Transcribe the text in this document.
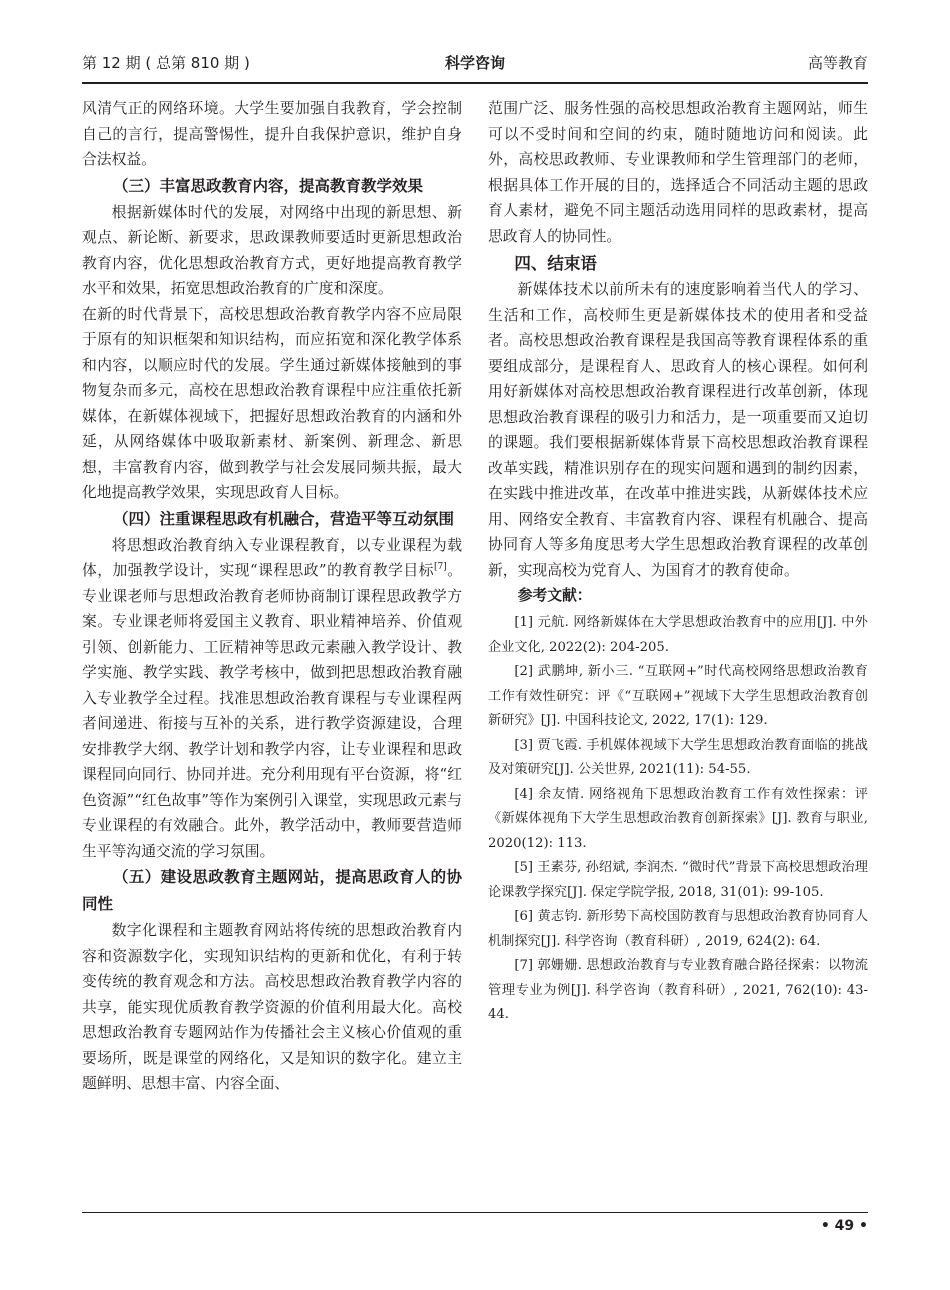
第 12 期 ( 总第 810 期 )	科学咨询	高等教育

风清气正的网络环境。大学生要加强自我教育，学会控制自己的言行，提高警惕性，提升自我保护意识，维护自身合法权益。

（三）丰富思政教育内容，提高教育教学效果

根据新媒体时代的发展，对网络中出现的新思想、新观点、新论断、新要求，思政课教师要适时更新思想政治教育内容，优化思想政治教育方式，更好地提高教育教学水平和效果，拓宽思想政治教育的广度和深度。

在新的时代背景下，高校思想政治教育教学内容不应局限于原有的知识框架和知识结构，而应拓宽和深化教学体系和内容，以顺应时代的发展。学生通过新媒体接触到的事物复杂而多元，高校在思想政治教育课程中应注重依托新媒体，在新媒体视域下，把握好思想政治教育的内涵和外延，从网络媒体中吸取新素材、新案例、新理念、新思想，丰富教育内容，做到教学与社会发展同频共振，最大化地提高教学效果，实现思政育人目标。

（四）注重课程思政有机融合，营造平等互动氛围

将思想政治教育纳入专业课程教育，以专业课程为载体，加强教学设计，实现“课程思政”的教育教学目标[7]。专业课老师与思想政治教育老师协商制订课程思政教学方案。专业课老师将爱国主义教育、职业精神培养、价值观引领、创新能力、工匠精神等思政元素融入教学设计、教学实施、教学实践、教学考核中，做到把思想政治教育融入专业教学全过程。找准思想政治教育课程与专业课程两者间递进、衔接与互补的关系，进行教学资源建设，合理安排教学大纲、教学计划和教学内容，让专业课程和思政课程同向同行、协同并进。充分利用现有平台资源，将“红色资源”“红色故事”等作为案例引入课堂，实现思政元素与专业课程的有效融合。此外，教学活动中，教师要营造师生平等沟通交流的学习氛围。

（五）建设思政教育主题网站，提高思政育人的协同性

数字化课程和主题教育网站将传统的思想政治教育内容和资源数字化，实现知识结构的更新和优化，有利于转变传统的教育观念和方法。高校思想政治教育教学内容的共享，能实现优质教育教学资源的价值利用最大化。高校思想政治教育专题网站作为传播社会主义核心价值观的重要场所，既是课堂的网络化，又是知识的数字化。建立主题鲜明、思想丰富、内容全面、

范围广泛、服务性强的高校思想政治教育主题网站，师生可以不受时间和空间的约束，随时随地访问和阅读。此外，高校思政教师、专业课教师和学生管理部门的老师，根据具体工作开展的目的，选择适合不同活动主题的思政育人素材，避免不同主题活动选用同样的思政素材，提高思政育人的协同性。

四、结束语

新媒体技术以前所未有的速度影响着当代人的学习、生活和工作，高校师生更是新媒体技术的使用者和受益者。高校思想政治教育课程是我国高等教育课程体系的重要组成部分，是课程育人、思政育人的核心课程。如何利用好新媒体对高校思想政治教育课程进行改革创新，体现思想政治教育课程的吸引力和活力，是一项重要而又迫切的课题。我们要根据新媒体背景下高校思想政治教育课程改革实践，精准识别存在的现实问题和遇到的制约因素，在实践中推进改革，在改革中推进实践，从新媒体技术应用、网络安全教育、丰富教育内容、课程有机融合、提高协同育人等多角度思考大学生思想政治教育课程的改革创新，实现高校为党育人、为国育才的教育使命。

参考文献：

[1] 元航. 网络新媒体在大学思想政治教育中的应用[J]. 中外企业文化, 2022(2): 204-205.

[2] 武鹏坤, 新小三. “互联网+”时代高校网络思想政治教育工作有效性研究：评《“互联网+”视域下大学生思想政治教育创新研究》[J]. 中国科技论文, 2022, 17(1): 129.

[3] 贾飞霞. 手机媒体视域下大学生思想政治教育面临的挑战及对策研究[J]. 公关世界, 2021(11): 54-55.

[4] 余友情. 网络视角下思想政治教育工作有效性探索：评《新媒体视角下大学生思想政治教育创新探索》[J]. 教育与职业, 2020(12): 113.

[5] 王素芬, 孙绍斌, 李润杰. “微时代”背景下高校思想政治理论课教学探究[J]. 保定学院学报, 2018, 31(01): 99-105.

[6] 黄志钧. 新形势下高校国防教育与思想政治教育协同育人机制探究[J]. 科学咨询（教育科研）, 2019, 624(2): 64.

[7] 郭姗姗. 思想政治教育与专业教育融合路径探索：以物流管理专业为例[J]. 科学咨询（教育科研）, 2021, 762(10): 43-44.

• 49 •
